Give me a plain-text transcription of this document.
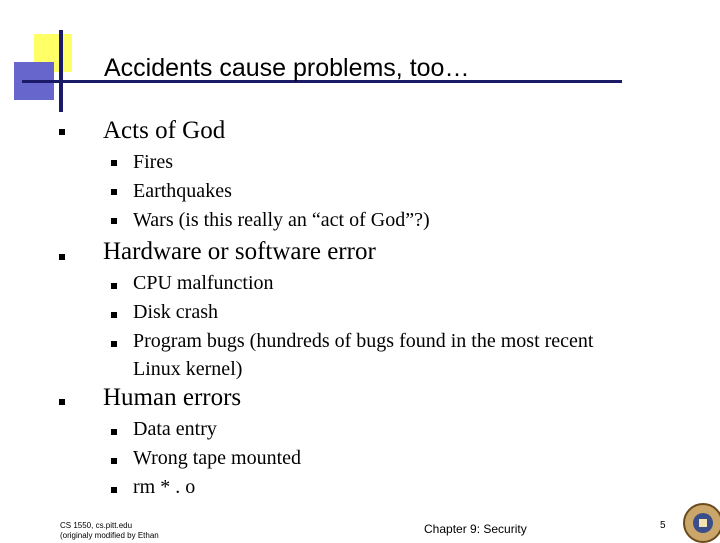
Accidents cause problems, too…
Acts of God
Fires
Earthquakes
Wars (is this really an “act of God”?)
Hardware or software error
CPU malfunction
Disk crash
Program bugs (hundreds of bugs found in the most recent
Linux kernel)
Human errors
Data entry
Wrong tape mounted
rm * . o
CS 1550, cs.pitt.edu
(originaly modified by Ethan	Chapter 9: Security	5
